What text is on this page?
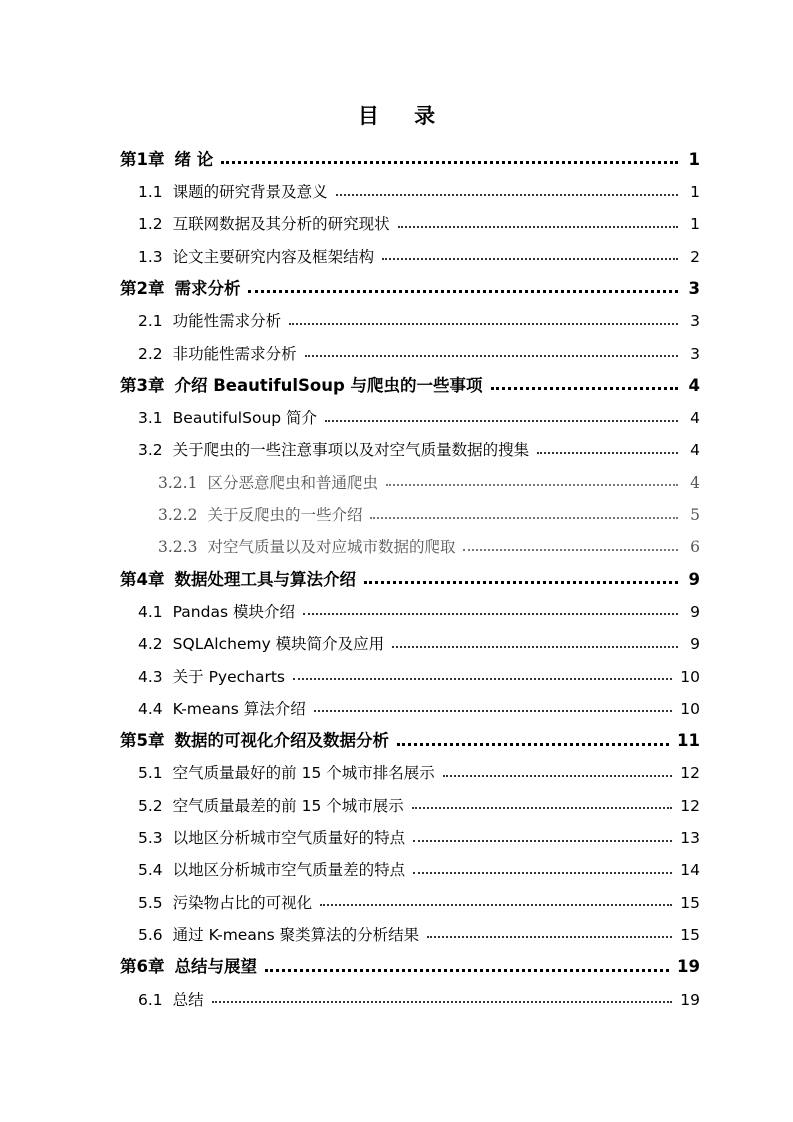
目 录
第1章 绪 论	1
1.1 课题的研究背景及意义	1
1.2 互联网数据及其分析的研究现状	1
1.3 论文主要研究内容及框架结构	2
第2章 需求分析	3
2.1 功能性需求分析	3
2.2 非功能性需求分析	3
第3章 介绍 BeautifulSoup 与爬虫的一些事项	4
3.1 BeautifulSoup 简介	4
3.2 关于爬虫的一些注意事项以及对空气质量数据的搜集	4
3.2.1 区分恶意爬虫和普通爬虫	4
3.2.2 关于反爬虫的一些介绍	5
3.2.3 对空气质量以及对应城市数据的爬取	6
第4章 数据处理工具与算法介绍	9
4.1 Pandas 模块介绍	9
4.2 SQLAlchemy 模块简介及应用	9
4.3 关于 Pyecharts	10
4.4 K-means 算法介绍	10
第5章 数据的可视化介绍及数据分析	11
5.1 空气质量最好的前 15 个城市排名展示	12
5.2 空气质量最差的前 15 个城市展示	12
5.3 以地区分析城市空气质量好的特点	13
5.4 以地区分析城市空气质量差的特点	14
5.5 污染物占比的可视化	15
5.6 通过 K-means 聚类算法的分析结果	15
第6章 总结与展望	19
6.1 总结	19
